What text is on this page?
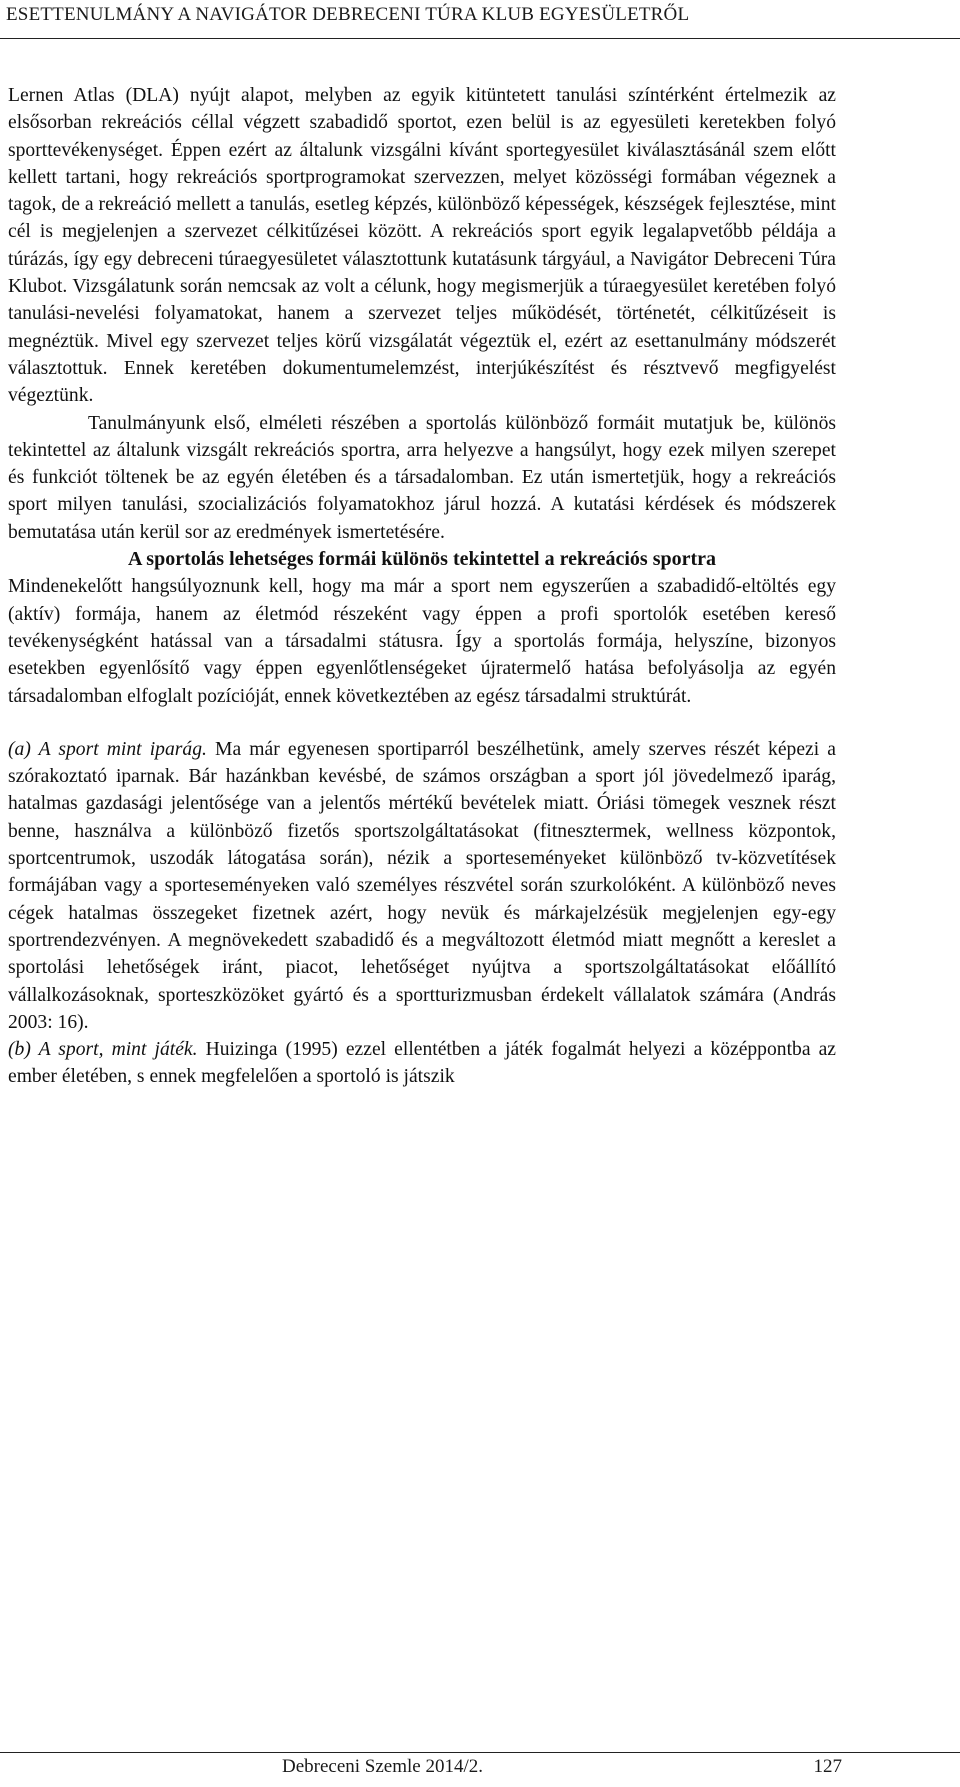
ESETTENULMÁNY A NAVIGÁTOR DEBRECENI TÚRA KLUB EGYESÜLETRŐL

Lernen Atlas (DLA) nyújt alapot, melyben az egyik kitüntetett tanulási színtérként értelmezik az elsősorban rekreációs céllal végzett szabadidő sportot, ezen belül is az egyesületi keretekben folyó sporttevékenységet. Éppen ezért az általunk vizsgálni kívánt sportegyesület kiválasztásánál szem előtt kellett tartani, hogy rekreációs sportprogramokat szervezzen, melyet közösségi formában végeznek a tagok, de a rekreáció mellett a tanulás, esetleg képzés, különböző képességek, készségek fejlesztése, mint cél is megjelenjen a szervezet célkitűzései között. A rekreációs sport egyik legalapvetőbb példája a túrázás, így egy debreceni túraegyesületet választottunk kutatásunk tárgyául, a Navigátor Debreceni Túra Klubot. Vizsgálatunk során nemcsak az volt a célunk, hogy megismerjük a túraegyesület keretében folyó tanulási-nevelési folyamatokat, hanem a szervezet teljes működését, történetét, célkitűzéseit is megnéztük. Mivel egy szervezet teljes körű vizsgálatát végeztük el, ezért az esettanulmány módszerét választottuk. Ennek keretében dokumentumelemzést, interjúkészítést és résztvevő megfigyelést végeztünk.

Tanulmányunk első, elméleti részében a sportolás különböző formáit mutatjuk be, különös tekintettel az általunk vizsgált rekreációs sportra, arra helyezve a hangsúlyt, hogy ezek milyen szerepet és funkciót töltenek be az egyén életében és a társadalomban. Ez után ismertetjük, hogy a rekreációs sport milyen tanulási, szocializációs folyamatokhoz járul hozzá. A kutatási kérdések és módszerek bemutatása után kerül sor az eredmények ismertetésére.

A sportolás lehetséges formái különös tekintettel a rekreációs sportra

Mindenekelőtt hangsúlyoznunk kell, hogy ma már a sport nem egyszerűen a szabadidő-eltöltés egy (aktív) formája, hanem az életmód részeként vagy éppen a profi sportolók esetében kereső tevékenységként hatással van a társadalmi státusra. Így a sportolás formája, helyszíne, bizonyos esetekben egyenlősítő vagy éppen egyenlőtlenségeket újratermelő hatása befolyásolja az egyén társadalomban elfoglalt pozícióját, ennek következtében az egész társadalmi struktúrát.

(a) A sport mint iparág. Ma már egyenesen sportiparról beszélhetünk, amely szerves részét képezi a szórakoztató iparnak. Bár hazánkban kevésbé, de számos országban a sport jól jövedelmező iparág, hatalmas gazdasági jelentősége van a jelentős mértékű bevételek miatt. Óriási tömegek vesznek részt benne, használva a különböző fizetős sportszolgáltatásokat (fitnesztermek, wellness központok, sportcentrumok, uszodák látogatása során), nézik a sporteseményeket különböző tv-közvetítések formájában vagy a sporteseményeken való személyes részvétel során szurkolóként. A különböző neves cégek hatalmas összegeket fizetnek azért, hogy nevük és márkajelzésük megjelenjen egy-egy sportrendezvényen. A megnövekedett szabadidő és a megváltozott életmód miatt megnőtt a kereslet a sportolási lehetőségek iránt, piacot, lehetőséget nyújtva a sportszolgáltatásokat előállító vállalkozásoknak, sporteszközöket gyártó és a sportturizmusban érdekelt vállalatok számára (András 2003: 16).

(b) A sport, mint játék. Huizinga (1995) ezzel ellentétben a játék fogalmát helyezi a középpontba az ember életében, s ennek megfelelően a sportoló is játszik

Debreceni Szemle 2014/2.	127
